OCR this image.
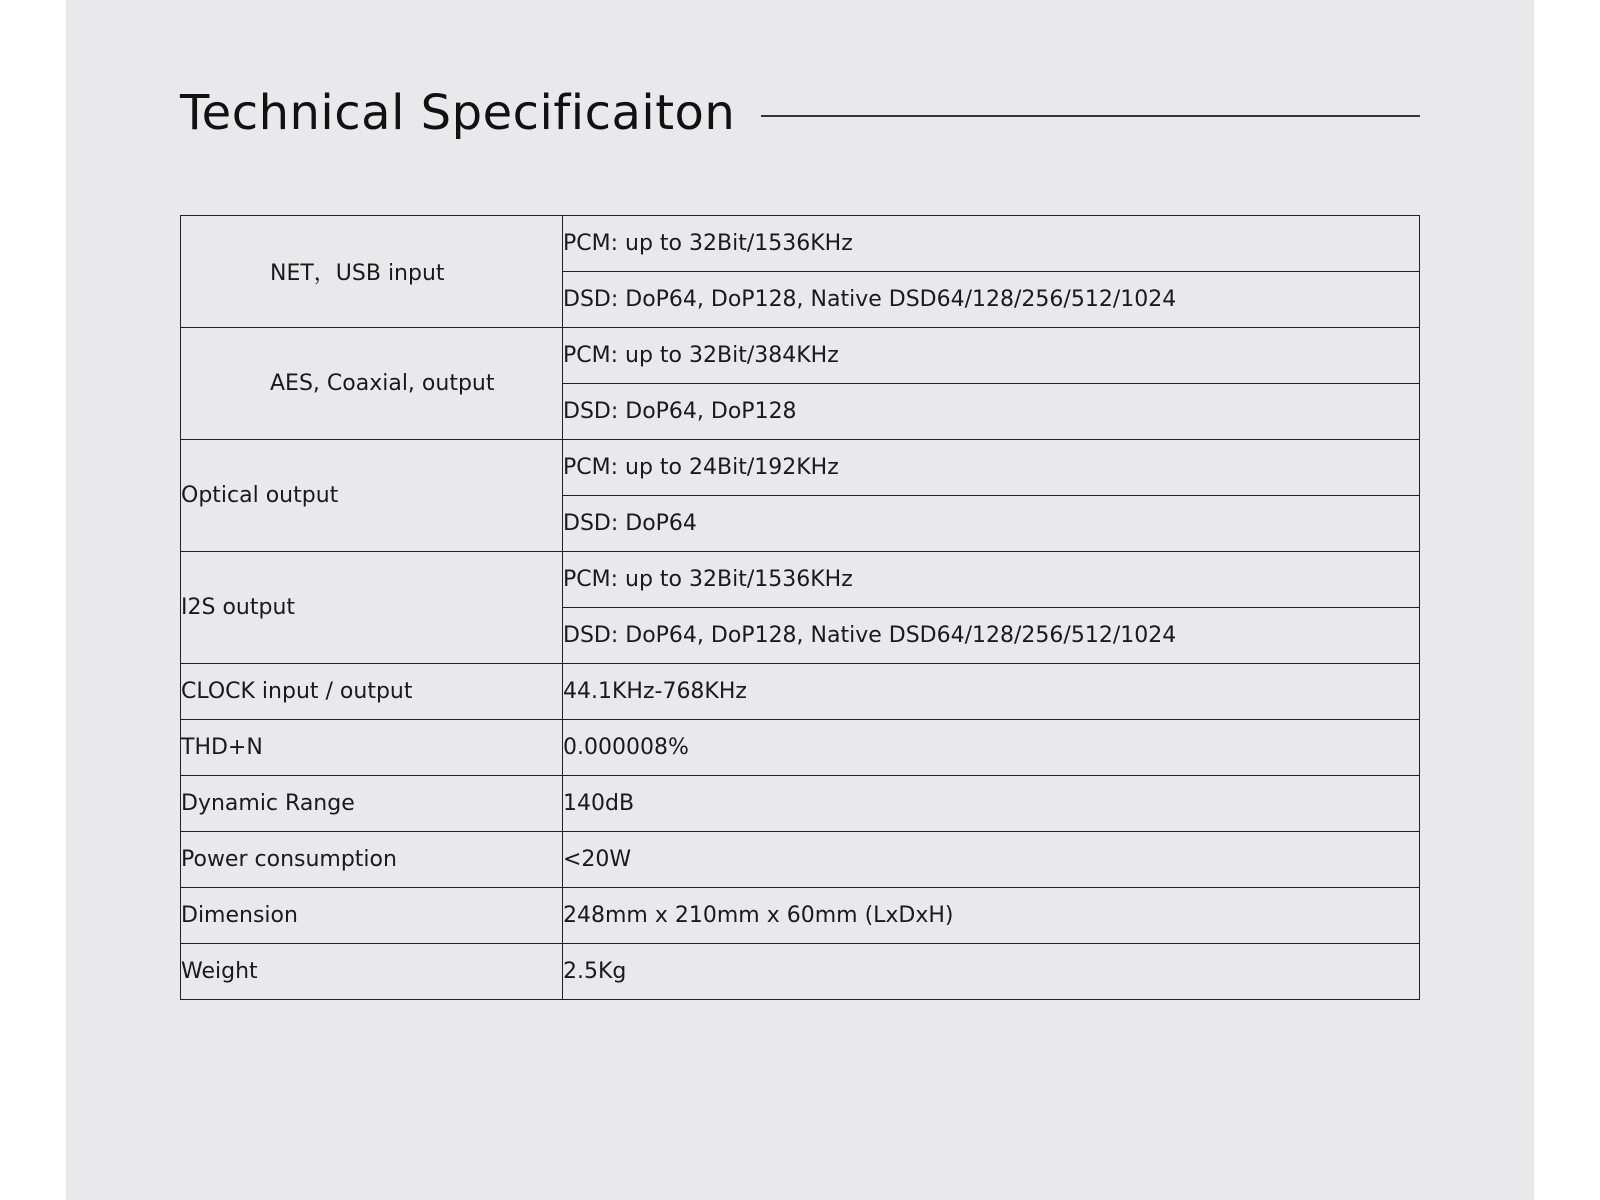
Technical Specificaiton
NET，USB input	PCM: up to 32Bit/1536KHz
	DSD: DoP64, DoP128, Native DSD64/128/256/512/1024
AES, Coaxial, output	PCM: up to 32Bit/384KHz
	DSD: DoP64, DoP128
Optical output	PCM: up to 24Bit/192KHz
	DSD: DoP64
I2S output	PCM: up to 32Bit/1536KHz
	DSD: DoP64, DoP128, Native DSD64/128/256/512/1024
CLOCK input / output	44.1KHz-768KHz
THD+N	0.000008%
Dynamic Range	140dB
Power consumption	<20W
Dimension	248mm x 210mm x 60mm (LxDxH)
Weight	2.5Kg
